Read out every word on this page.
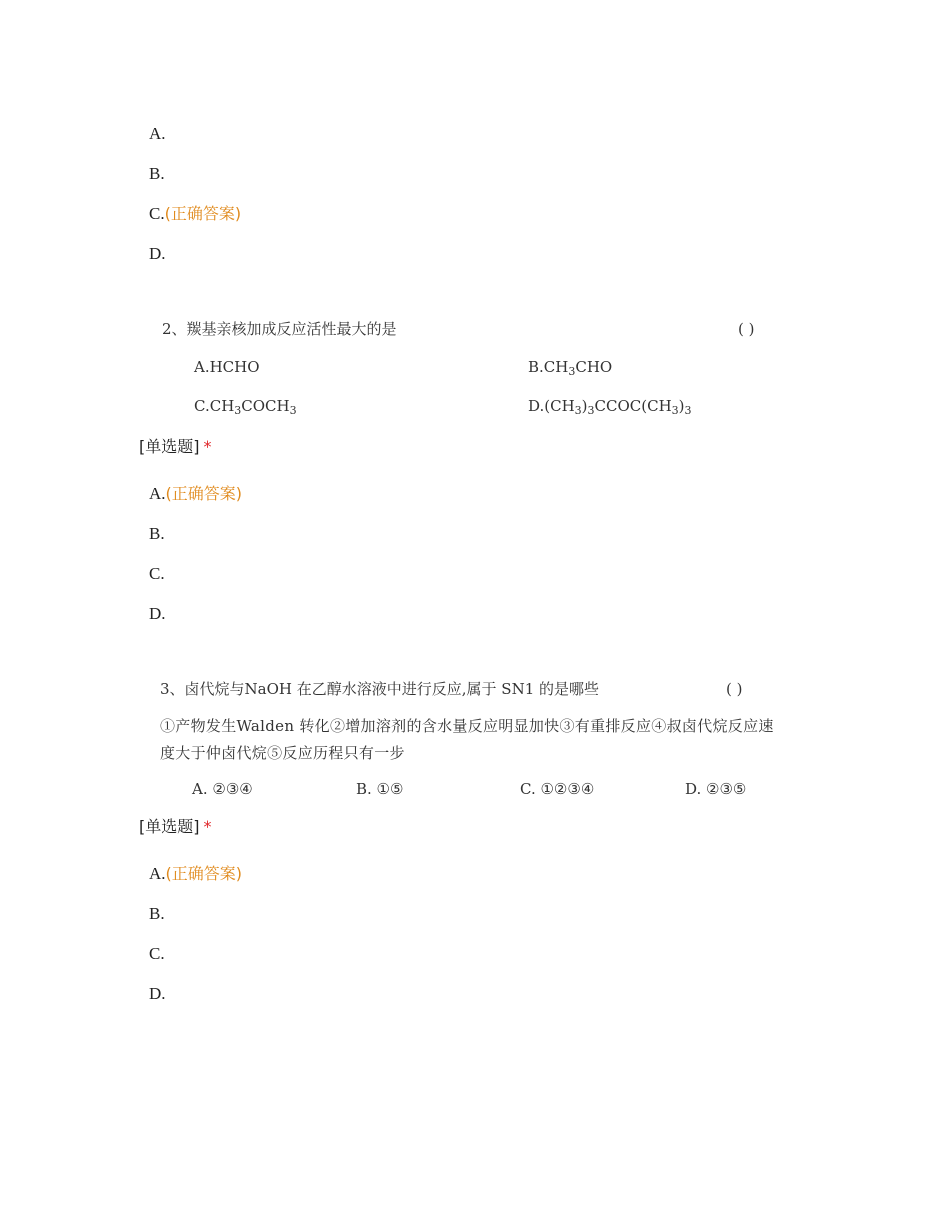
A.
B.
C.(正确答案)
D.
2、羰基亲核加成反应活性最大的是	( )
A.HCHO	$B.CH_3CHO$
$C.CH_3COCH_3$	$D.(CH_3)_3CCOC(CH_3)_3$
[单选题] *
A.(正确答案)
B.
C.
D.
3、卤代烷与NaOH 在乙醇水溶液中进行反应,属于 SN1 的是哪些	( )
①产物发生Walden 转化②增加溶剂的含水量反应明显加快③有重排反应④叔卤代烷反应速
度大于仲卤代烷⑤反应历程只有一步
A. ②③④	B. ①⑤	C. ①②③④	D. ②③⑤
[单选题] *
A.(正确答案)
B.
C.
D.
